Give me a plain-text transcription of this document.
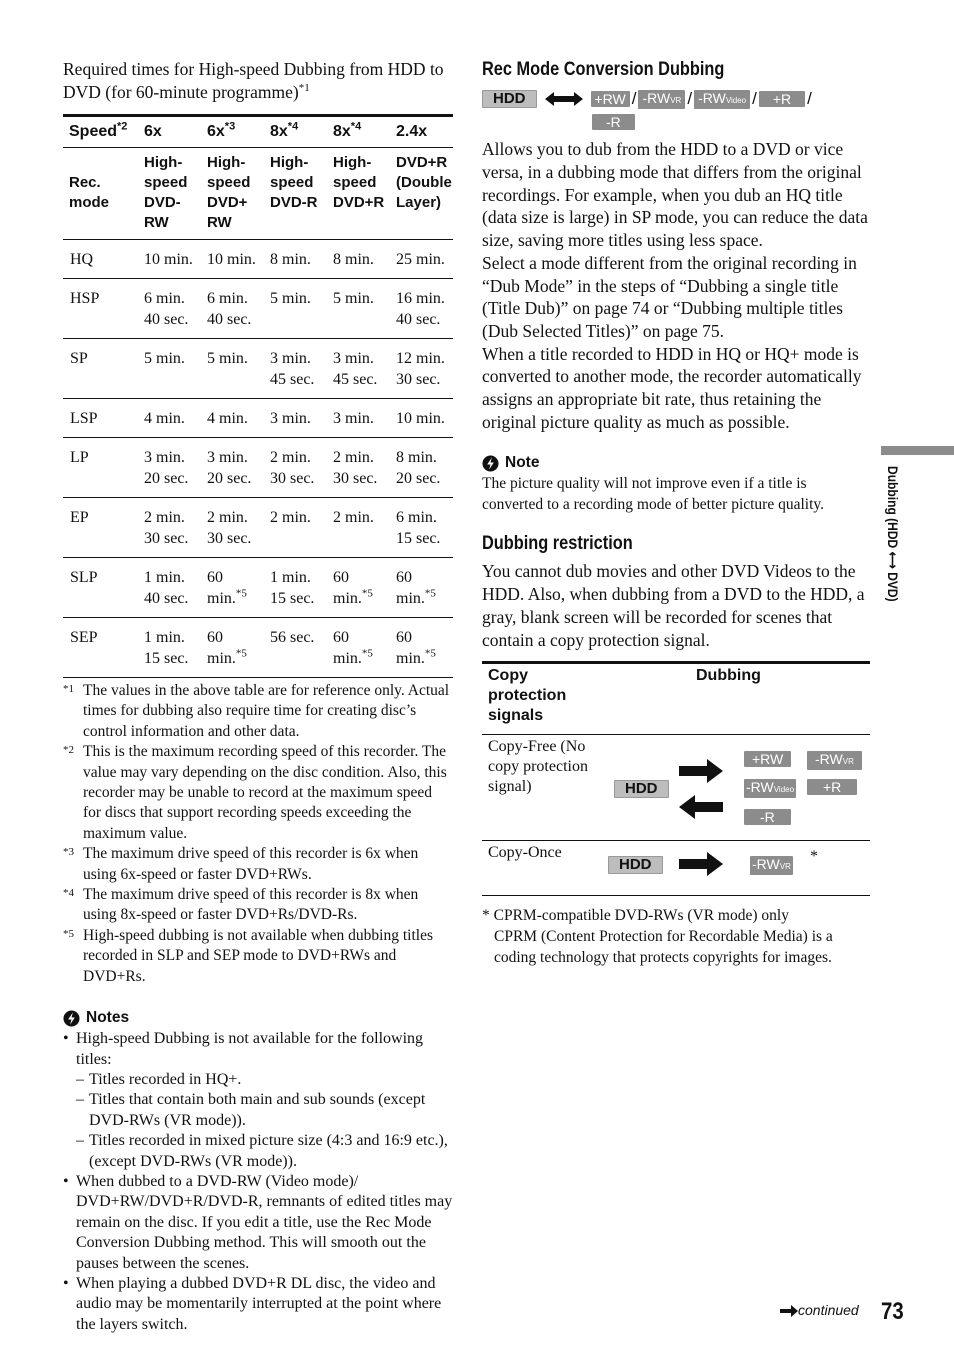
Required times for High-speed Dubbing from HDD to DVD (for 60-minute programme)$^{*1}$

Speed$^{*2}$	6x	$6x^{*3}$	$8x^{*4}$	$8x^{*4}$	2.4x
Rec. mode	High-speed DVD-RW	High-speed DVD+ RW	High-speed DVD-R	High-speed DVD+R	DVD+R (Double Layer)
HQ	10 min.	10 min.	8 min.	8 min.	25 min.
HSP	6 min. 40 sec.	6 min. 40 sec.	5 min.	5 min.	16 min. 40 sec.
SP	5 min.	5 min.	3 min. 45 sec.	3 min. 45 sec.	12 min. 30 sec.
LSP	4 min.	4 min.	3 min.	3 min.	10 min.
LP	3 min. 20 sec.	3 min. 20 sec.	2 min. 30 sec.	2 min. 30 sec.	8 min. 20 sec.
EP	2 min. 30 sec.	2 min. 30 sec.	2 min.	2 min.	6 min. 15 sec.
SLP	1 min. 40 sec.	60 min.$^{*5}$	1 min. 15 sec.	60 min.$^{*5}$	60 min.$^{*5}$
SEP	1 min. 15 sec.	60 min.$^{*5}$	56 sec.	60 min.$^{*5}$	60 min.$^{*5}$
*1 The values in the above table are for reference only. Actual times for dubbing also require time for creating disc’s control information and other data.
*2 This is the maximum recording speed of this recorder. The value may vary depending on the disc condition. Also, this recorder may be unable to record at the maximum speed for discs that support recording speeds exceeding the maximum value.
*3 The maximum drive speed of this recorder is 6x when using 6x-speed or faster DVD+RWs.
*4 The maximum drive speed of this recorder is 8x when using 8x-speed or faster DVD+Rs/DVD-Rs.
*5 High-speed dubbing is not available when dubbing titles recorded in SLP and SEP mode to DVD+RWs and DVD+Rs.
Notes
• High-speed Dubbing is not available for the following titles:
– Titles recorded in HQ+.
– Titles that contain both main and sub sounds (except DVD-RWs (VR mode)).
– Titles recorded in mixed picture size (4:3 and 16:9 etc.), (except DVD-RWs (VR mode)).
• When dubbed to a DVD-RW (Video mode)/ DVD+RW/DVD+R/DVD-R, remnants of edited titles may remain on the disc. If you edit a title, use the Rec Mode Conversion Dubbing method. This will smooth out the pauses between the scenes.
• When playing a dubbed DVD+R DL disc, the video and audio may be momentarily interrupted at the point where the layers switch.
Rec Mode Conversion Dubbing
HDD	+RW / -RWVR / -RWVideo / +R /
-R

Allows you to dub from the HDD to a DVD or vice versa, in a dubbing mode that differs from the original recordings. For example, when you dub an HQ title (data size is large) in SP mode, you can reduce the data size, saving more titles using less space.

Select a mode different from the original recording in “Dub Mode” in the steps of “Dubbing a single title (Title Dub)” on page 74 or “Dubbing multiple titles (Dub Selected Titles)” on page 75.

When a title recorded to HDD in HQ or HQ+ mode is converted to another mode, the recorder automatically assigns an appropriate bit rate, thus retaining the original picture quality as much as possible.

Note
The picture quality will not improve even if a title is converted to a recording mode of better picture quality.
Dubbing restriction

You cannot dub movies and other DVD Videos to the HDD. Also, when dubbing from a DVD to the HDD, a gray, blank screen will be recorded for scenes that contain a copy protection signal.

Copy protection signals	Dubbing

Copy-Free (No copy protection signal)	HDD
+RW	-RWVR
-RWVideo	+R
-R

Copy-Once
HDD	-RWVR
*
* CPRM-compatible DVD-RWs (VR mode) only
CPRM (Content Protection for Recordable Media) is a coding technology that protects copyrights for images.
Dubbing (HDD ⟷ DVD)
continued 73
